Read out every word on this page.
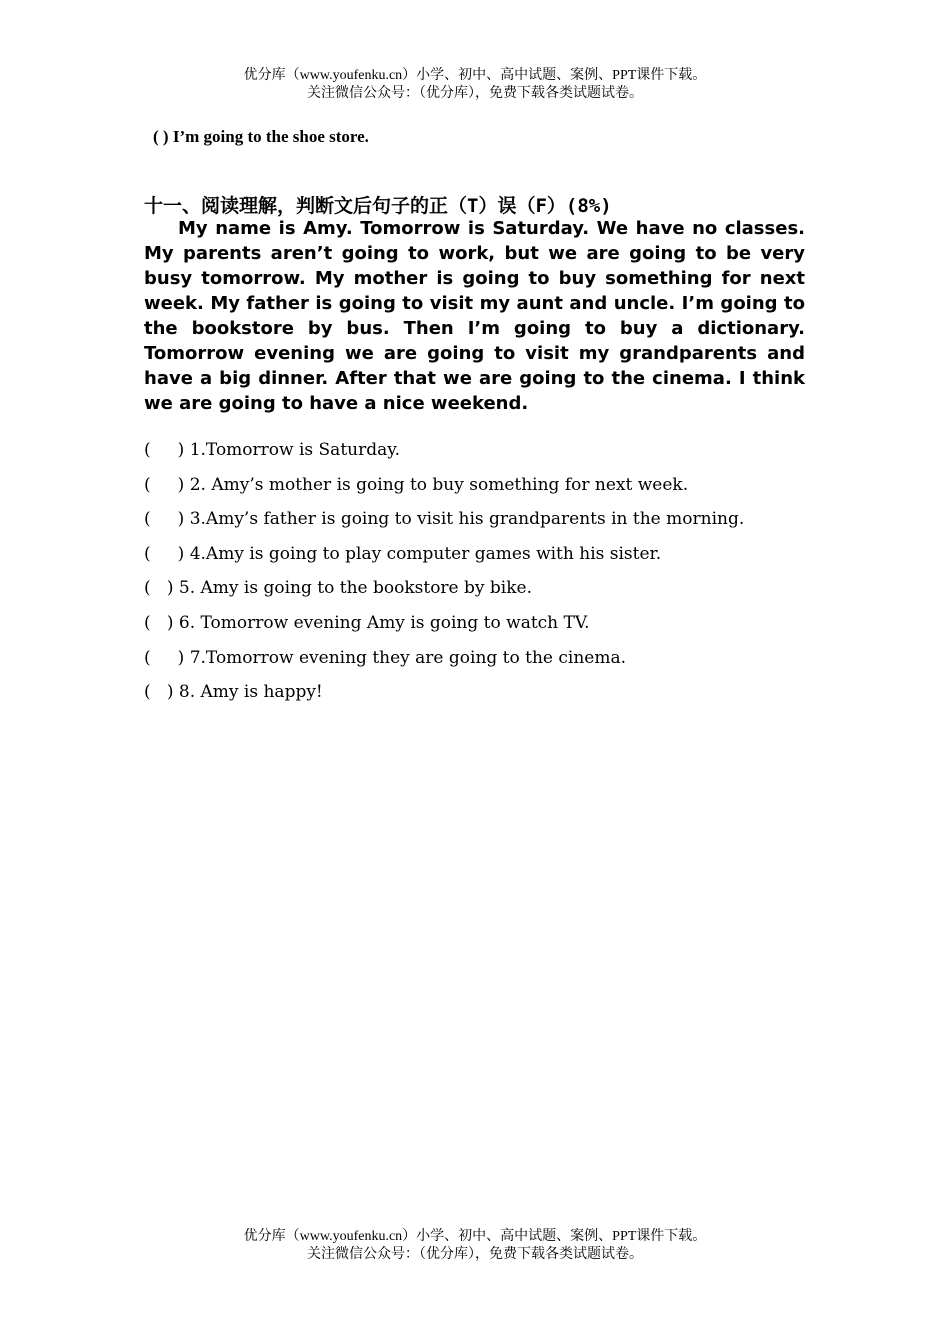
优分库（www.youfenku.cn）小学、初中、高中试题、案例、PPT课件下载。
关注微信公众号：（优分库），免费下载各类试题试卷。
( ) I’m going to the shoe store.
十一、阅读理解，判断文后句子的正（T）误（F）(8%)

My name is Amy. Tomorrow is Saturday. We have no classes. My parents aren’t going to work, but we are going to be very busy tomorrow. My mother is going to buy something for next week. My father is going to visit my aunt and uncle. I’m going to the bookstore by bus. Then I’m going to buy a dictionary. Tomorrow evening we are going to visit my grandparents and have a big dinner. After that we are going to the cinema. I think we are going to have a nice weekend.

(     ) 1.Tomorrow is Saturday.
(     ) 2. Amy’s mother is going to buy something for next week.
(     ) 3.Amy’s father is going to visit his grandparents in the morning.
(     ) 4.Amy is going to play computer games with his sister.
(   ) 5. Amy is going to the bookstore by bike.
(   ) 6. Tomorrow evening Amy is going to watch TV.
(     ) 7.Tomorrow evening they are going to the cinema.
(   ) 8. Amy is happy!
优分库（www.youfenku.cn）小学、初中、高中试题、案例、PPT课件下载。
关注微信公众号：（优分库），免费下载各类试题试卷。
